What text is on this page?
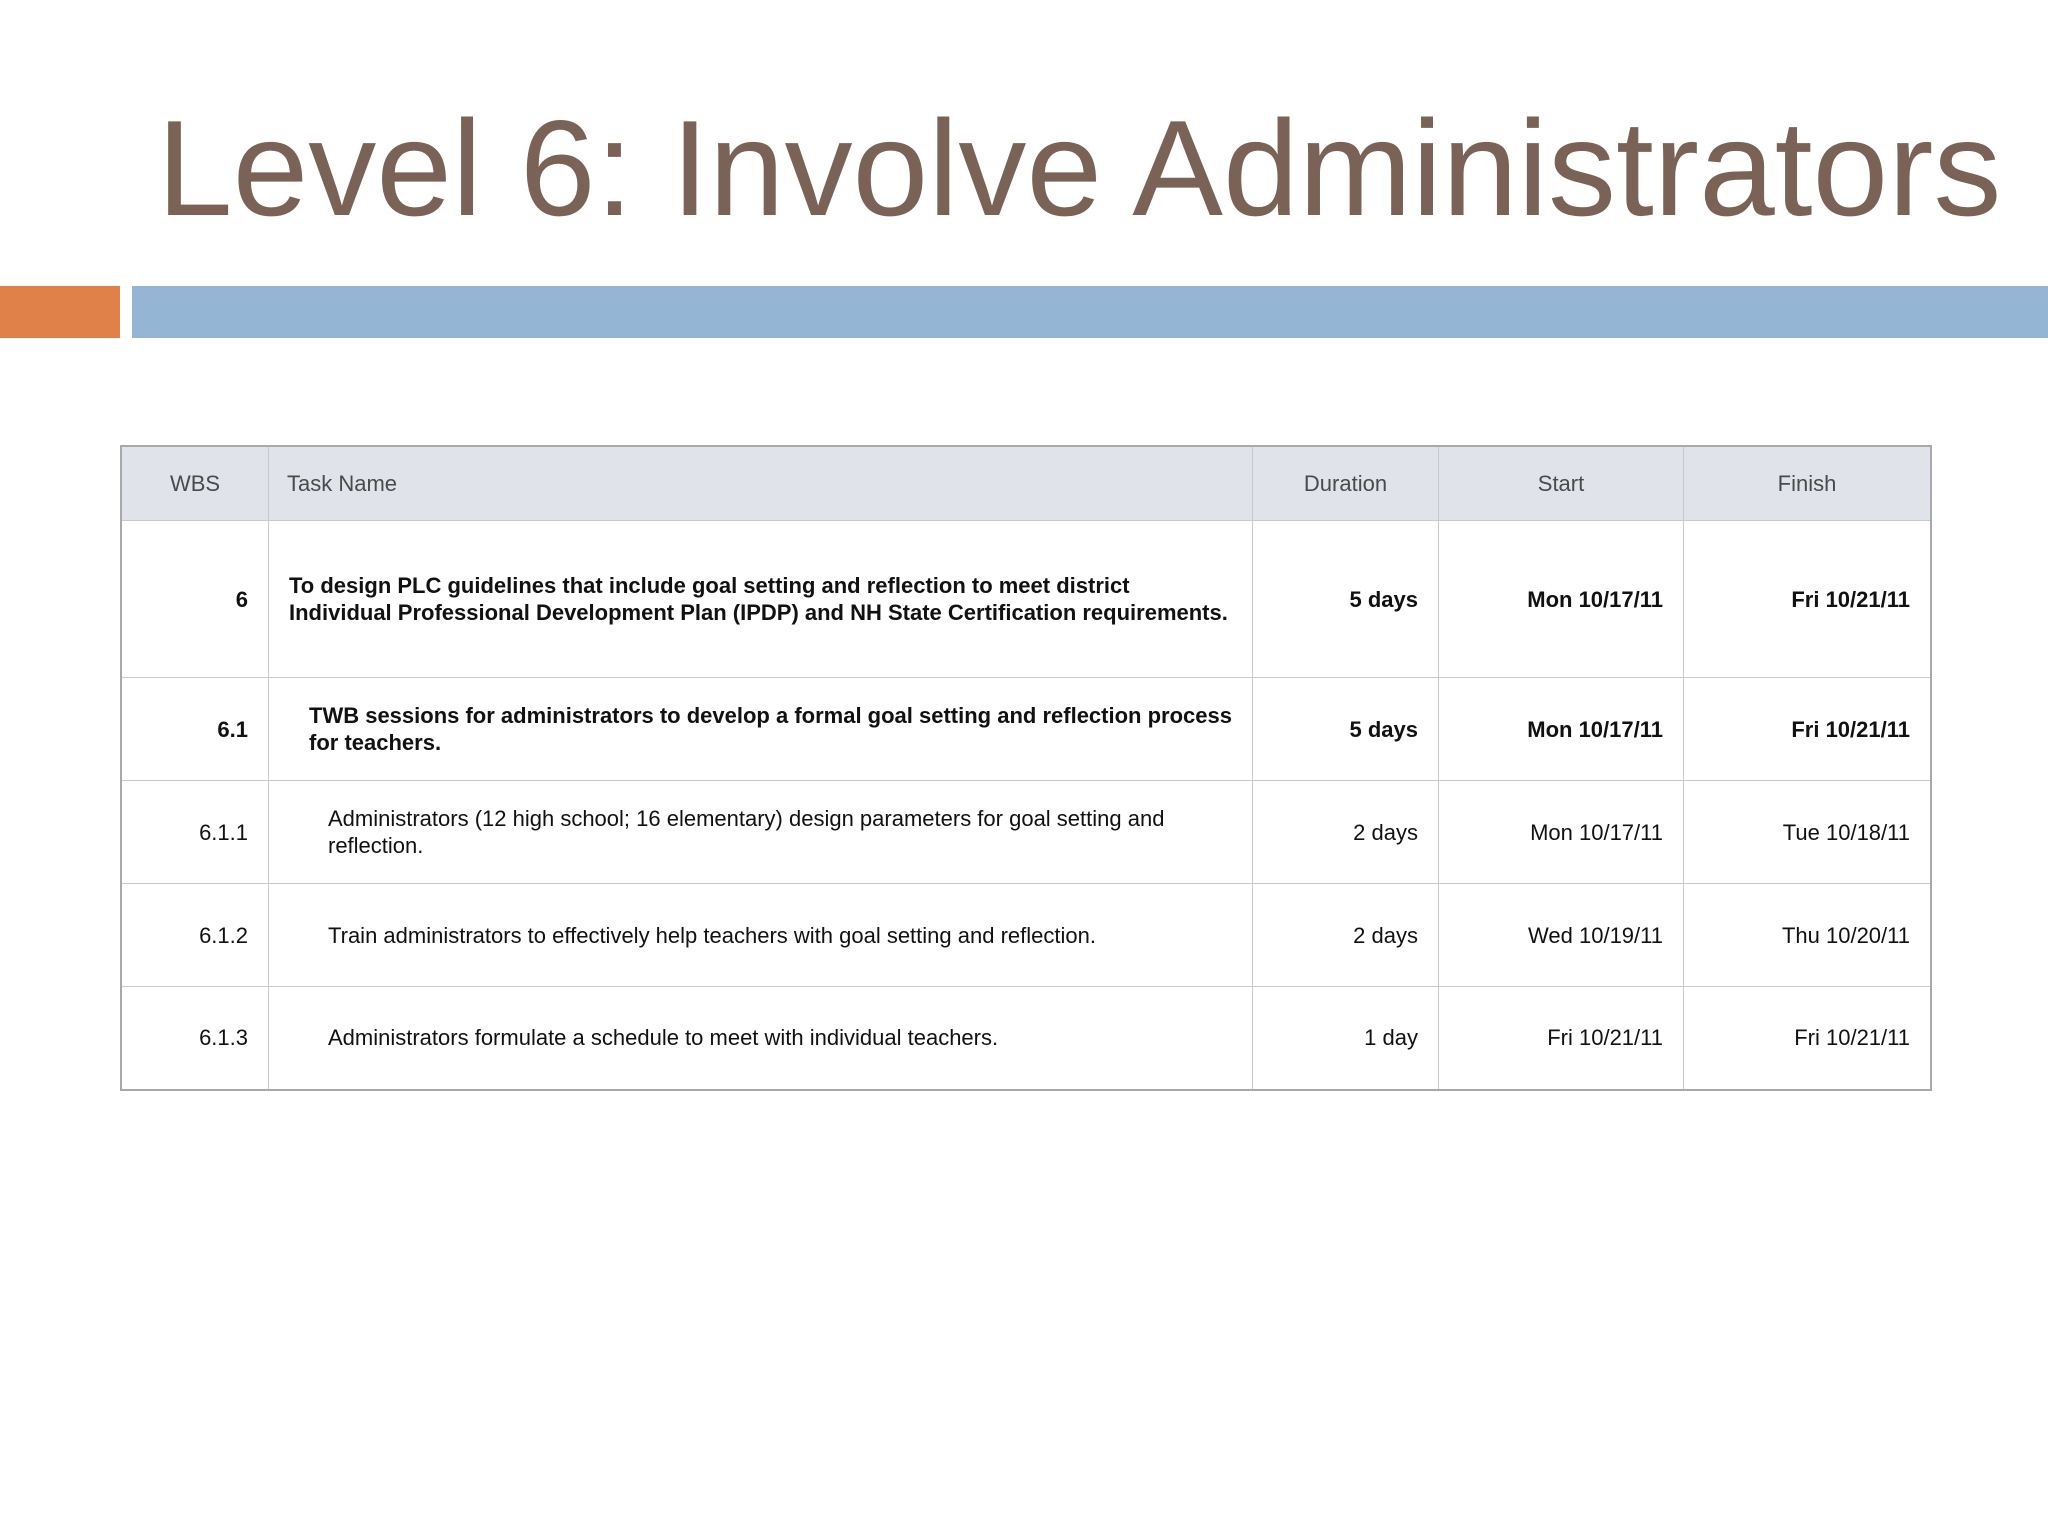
Level 6: Involve Administrators
WBS	Task Name	Duration	Start	Finish
6	To design PLC guidelines that include goal setting and reflection to meet district Individual Professional Development Plan (IPDP) and NH State Certification requirements.	5 days	Mon 10/17/11	Fri 10/21/11
6.1	TWB sessions for administrators to develop a formal goal setting and reflection process for teachers.	5 days	Mon 10/17/11	Fri 10/21/11
6.1.1	Administrators (12 high school; 16 elementary) design parameters for goal setting and reflection.	2 days	Mon 10/17/11	Tue 10/18/11
6.1.2	Train administrators to effectively help teachers with goal setting and reflection.	2 days	Wed 10/19/11	Thu 10/20/11
6.1.3	Administrators formulate a schedule to meet with individual teachers.	1 day	Fri 10/21/11	Fri 10/21/11
